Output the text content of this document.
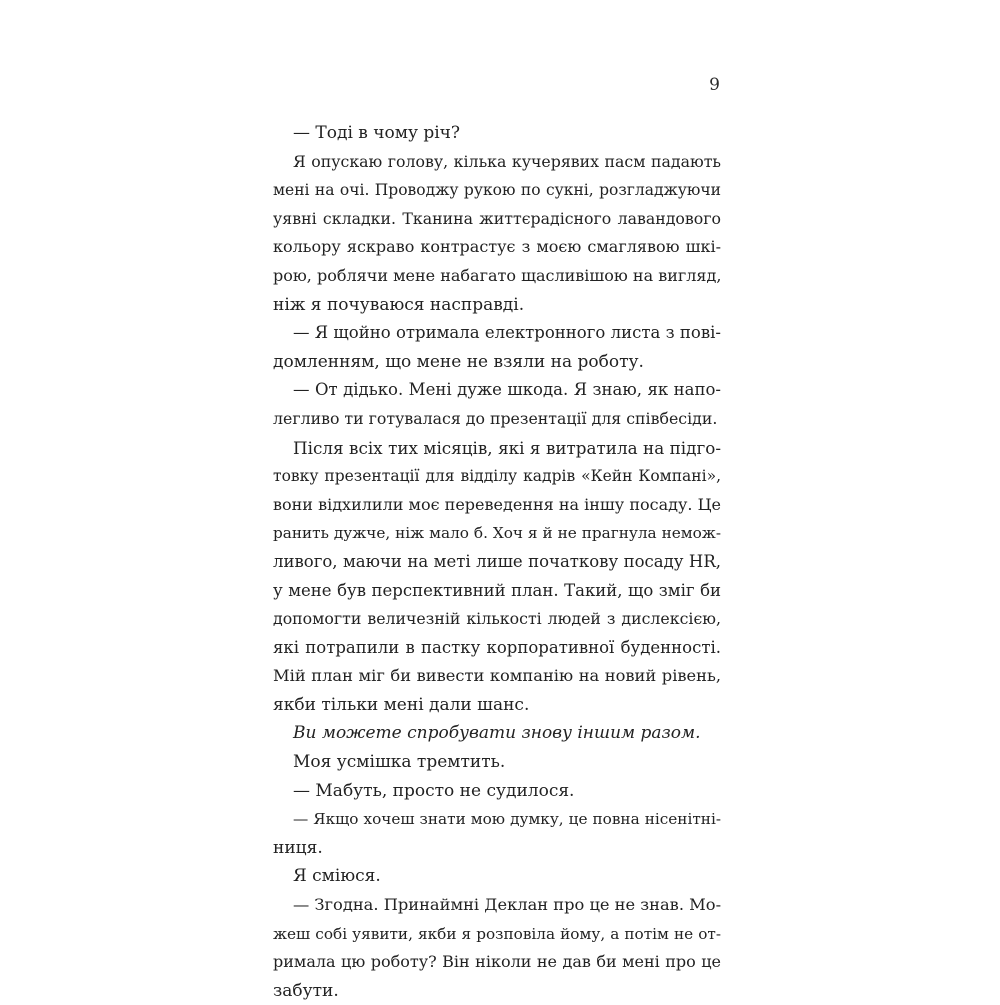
9
— Тоді в чому річ?
Я опускаю голову, кілька кучерявих пасм падають
мені на очі. Проводжу рукою по сукні, розгладжуючи
уявні складки. Тканина життєрадісного лавандового
кольору яскраво контрастує з моєю смаглявою шкі-
рою, роблячи мене набагато щасливішою на вигляд,
ніж я почуваюся насправді.
— Я щойно отримала електронного листа з пові-
домленням, що мене не взяли на роботу.
— От дідько. Мені дуже шкода. Я знаю, як напо-
легливо ти готувалася до презентації для співбесіди.
Після всіх тих місяців, які я витратила на підго-
товку презентації для відділу кадрів «Кейн Компані»,
вони відхилили моє переведення на іншу посаду. Це
ранить дужче, ніж мало б. Хоч я й не прагнула немож-
ливого, маючи на меті лише початкову посаду HR,
у мене був перспективний план. Такий, що зміг би
допомогти величезній кількості людей з дислексією,
які потрапили в пастку корпоративної буденності.
Мій план міг би вивести компанію на новий рівень,
якби тільки мені дали шанс.
Ви можете спробувати знову іншим разом.
Моя усмішка тремтить.
— Мабуть, просто не судилося.
— Якщо хочеш знати мою думку, це повна нісенітні-
ниця.
Я сміюся.
— Згодна. Принаймні Деклан про це не знав. Мо-
жеш собі уявити, якби я розповіла йому, а потім не от-
римала цю роботу? Він ніколи не дав би мені про це
забути.
